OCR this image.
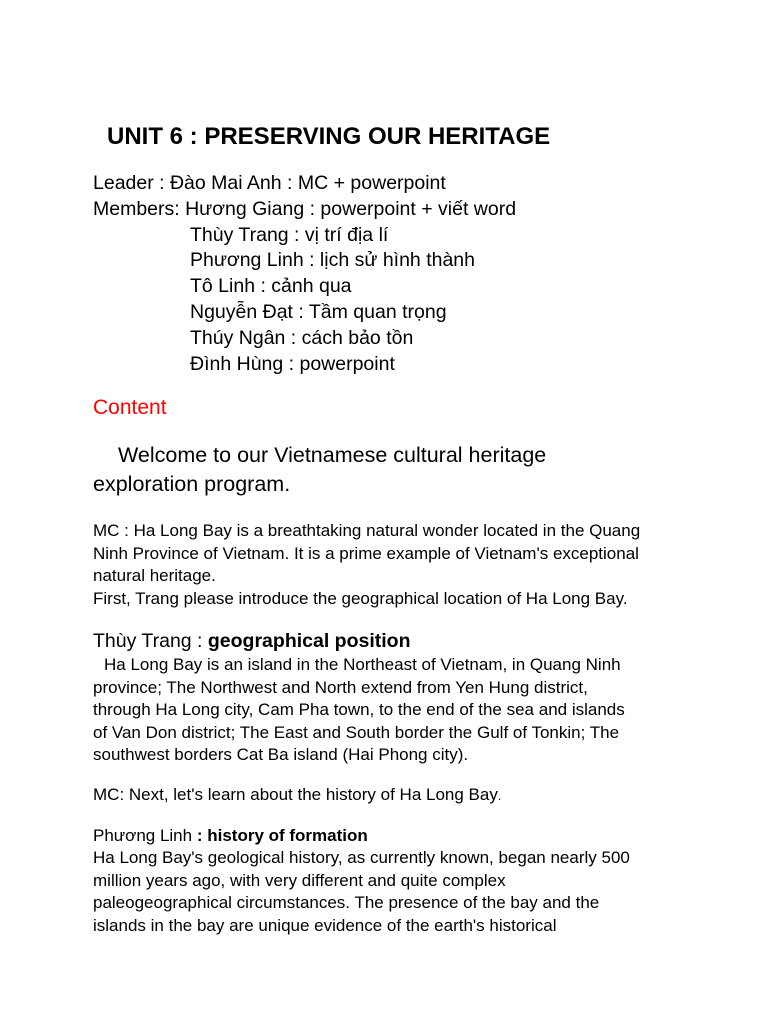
UNIT 6 : PRESERVING OUR HERITAGE
Leader : Đào Mai Anh : MC + powerpoint
Members: Hương Giang : powerpoint + viết word
Thùy Trang : vị trí địa lí
Phương Linh : lịch sử hình thành
Tô Linh : cảnh qua
Nguyễn Đạt : Tầm quan trọng
Thúy Ngân : cách bảo tồn
Đình Hùng : powerpoint
Content
Welcome to our Vietnamese cultural heritage
exploration program.
MC : Ha Long Bay is a breathtaking natural wonder located in the Quang
Ninh Province of Vietnam. It is a prime example of Vietnam's exceptional
natural heritage.
First, Trang please introduce the geographical location of Ha Long Bay.
Thùy Trang : geographical position
Ha Long Bay is an island in the Northeast of Vietnam, in Quang Ninh
province; The Northwest and North extend from Yen Hung district,
through Ha Long city, Cam Pha town, to the end of the sea and islands
of Van Don district; The East and South border the Gulf of Tonkin; The
southwest borders Cat Ba island (Hai Phong city).
MC: Next, let's learn about the history of Ha Long Bay.
Phương Linh : history of formation
Ha Long Bay's geological history, as currently known, began nearly 500
million years ago, with very different and quite complex
paleogeographical circumstances. The presence of the bay and the
islands in the bay are unique evidence of the earth's historical
